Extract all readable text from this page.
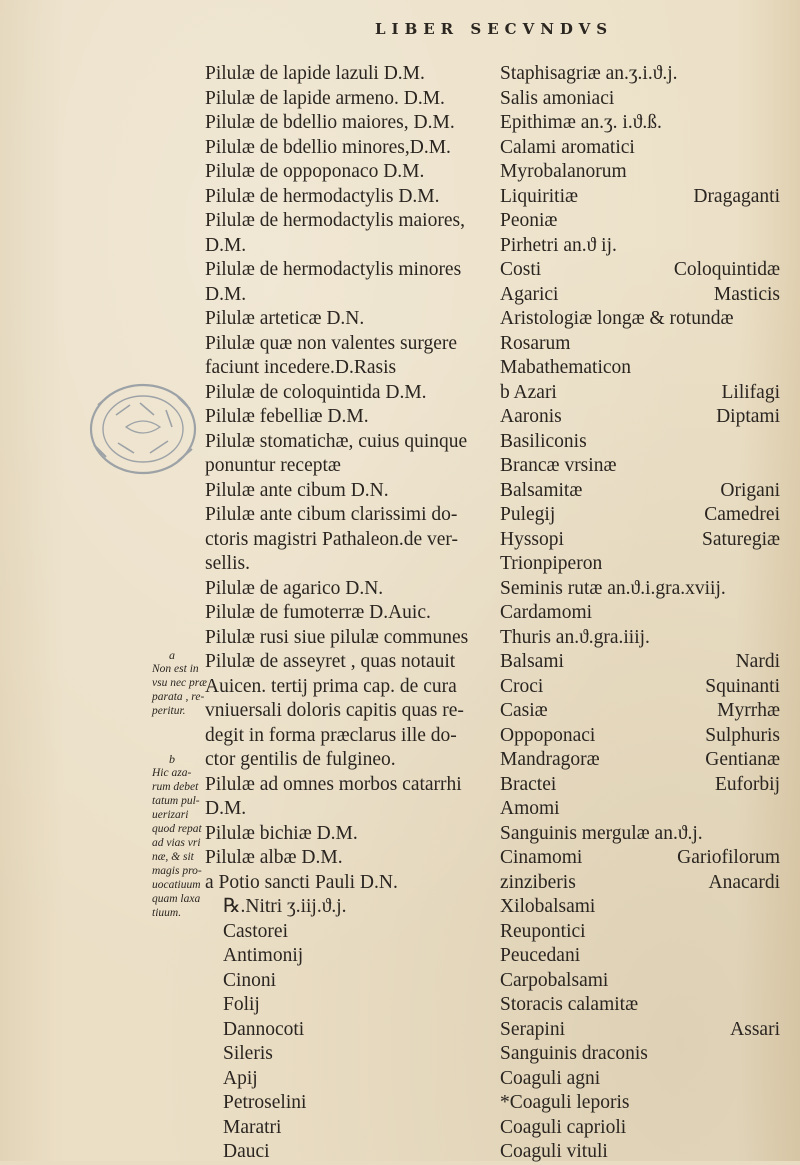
LIBER SECVNDVS
Pilulæ de lapide lazuli D.M.
Pilulæ de lapide armeno. D.M.
Pilulæ de bdellio maiores, D.M.
Pilulæ de bdellio minores,D.M.
Pilulæ de oppoponaco D.M.
Pilulæ de hermodactylis D.M.
Pilulæ de hermodactylis maiores,
D.M.
Pilulæ de hermodactylis minores
D.M.
Pilulæ arteticæ D.N.
Pilulæ quæ non valentes surgere
faciunt incedere.D.Rasis
Pilulæ de coloquintida D.M.
Pilulæ febelliæ D.M.
Pilulæ stomatichæ, cuius quinque
ponuntur receptæ
Pilulæ ante cibum D.N.
Pilulæ ante cibum clarissimi do-
ctoris magistri Pathaleon.de ver-
sellis.
Pilulæ de agarico D.N.
Pilulæ de fumoterræ D.Auic.
Pilulæ rusi siue pilulæ communes
Pilulæ de asseyret , quas notauit
Auicen. tertij prima cap. de cura
vniuersali doloris capitis quas re-
degit in forma præclarus ille do-
ctor gentilis de fulgineo.
Pilulæ ad omnes morbos catarrhi
D.M.
Pilulæ bichiæ D.M.
Pilulæ albæ D.M.
a Potio sancti Pauli D.N.
℞.Nitri ʒ.iij.ϑ.j.
Castorei
Antimonij
Cinoni
Folij
Dannocoti
Sileris
Apij
Petroselini
Maratri
Dauci
Staphisagriæ an.ʒ.i.ϑ.j.
Salis amoniaci
Epithimæ an.ʒ. i.ϑ.ß.
Calami aromatici
Myrobalanorum
Liquiritiæ	Dragaganti
Peoniæ
Pirhetri an.ϑ ij.
Costi	Coloquintidæ
Agarici	Masticis
Aristologiæ longæ & rotundæ
Rosarum
Mabathematicon
b Azari	Lilifagi
Aaronis	Diptami
Basiliconis
Brancæ vrsinæ
Balsamitæ	Origani
Pulegij	Camedrei
Hyssopi	Saturegiæ
Trionpiperon
Seminis rutæ an.ϑ.i.gra.xviij.
Cardamomi
Thuris an.ϑ.gra.iiij.
Balsami	Nardi
Croci	Squinanti
Casiæ	Myrrhæ
Oppoponaci	Sulphuris
Mandragoræ	Gentianæ
Bractei	Euforbij
Amomi
Sanguinis mergulæ an.ϑ.j.
Cinamomi	Gariofilorum
zinziberis	Anacardi
Xilobalsami
Reupontici
Peucedani
Carpobalsami
Storacis calamitæ
Serapini	Assari
Sanguinis draconis
Coaguli agni
*Coaguli leporis
Coaguli caprioli
Coaguli vituli
a
Non est in
vsu nec præ
parata , re-
peritur.
b
Hic aza-
rum debet
tatum pul-
uerizari
quod repat
ad vias vri
næ, & sit
magis pro-
uocatiuum
quam laxa
tiuum.
